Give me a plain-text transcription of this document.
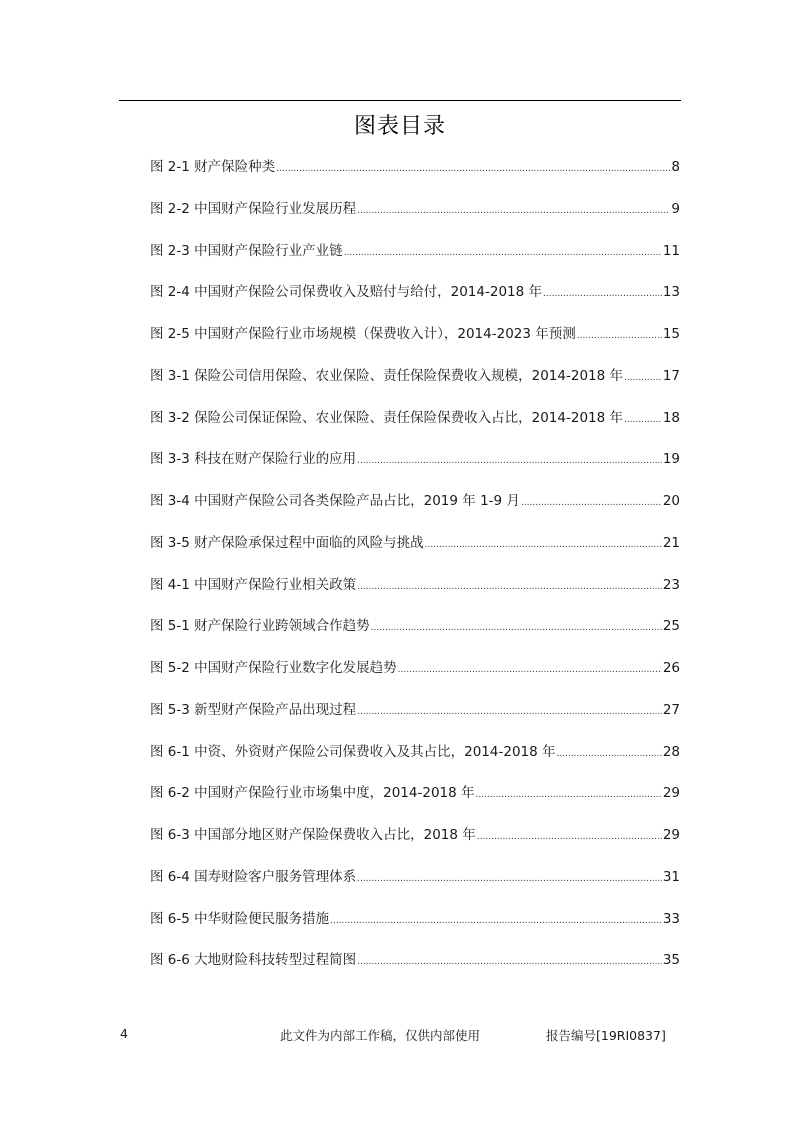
图表目录
图 2-1 财产保险种类 .....	8
图 2-2 中国财产保险行业发展历程 .....	9
图 2-3 中国财产保险行业产业链 .....	11
图 2-4 中国财产保险公司保费收入及赔付与给付，2014-2018 年 .....	13
图 2-5 中国财产保险行业市场规模（保费收入计），2014-2023 年预测 .....	15
图 3-1 保险公司信用保险、农业保险、责任保险保费收入规模，2014-2018 年 .....	17
图 3-2 保险公司保证保险、农业保险、责任保险保费收入占比，2014-2018 年 .....	18
图 3-3 科技在财产保险行业的应用 .....	19
图 3-4 中国财产保险公司各类保险产品占比，2019 年 1-9 月 .....	20
图 3-5 财产保险承保过程中面临的风险与挑战 .....	21
图 4-1 中国财产保险行业相关政策 .....	23
图 5-1 财产保险行业跨领域合作趋势 .....	25
图 5-2 中国财产保险行业数字化发展趋势 .....	26
图 5-3 新型财产保险产品出现过程 .....	27
图 6-1 中资、外资财产保险公司保费收入及其占比，2014-2018 年 .....	28
图 6-2 中国财产保险行业市场集中度，2014-2018 年 .....	29
图 6-3 中国部分地区财产保险保费收入占比，2018 年 .....	29
图 6-4 国寿财险客户服务管理体系 .....	31
图 6-5 中华财险便民服务措施 .....	33
图 6-6 大地财险科技转型过程简图 .....	35
4	此文件为内部工作稿，仅供内部使用	报告编号[19RI0837]
